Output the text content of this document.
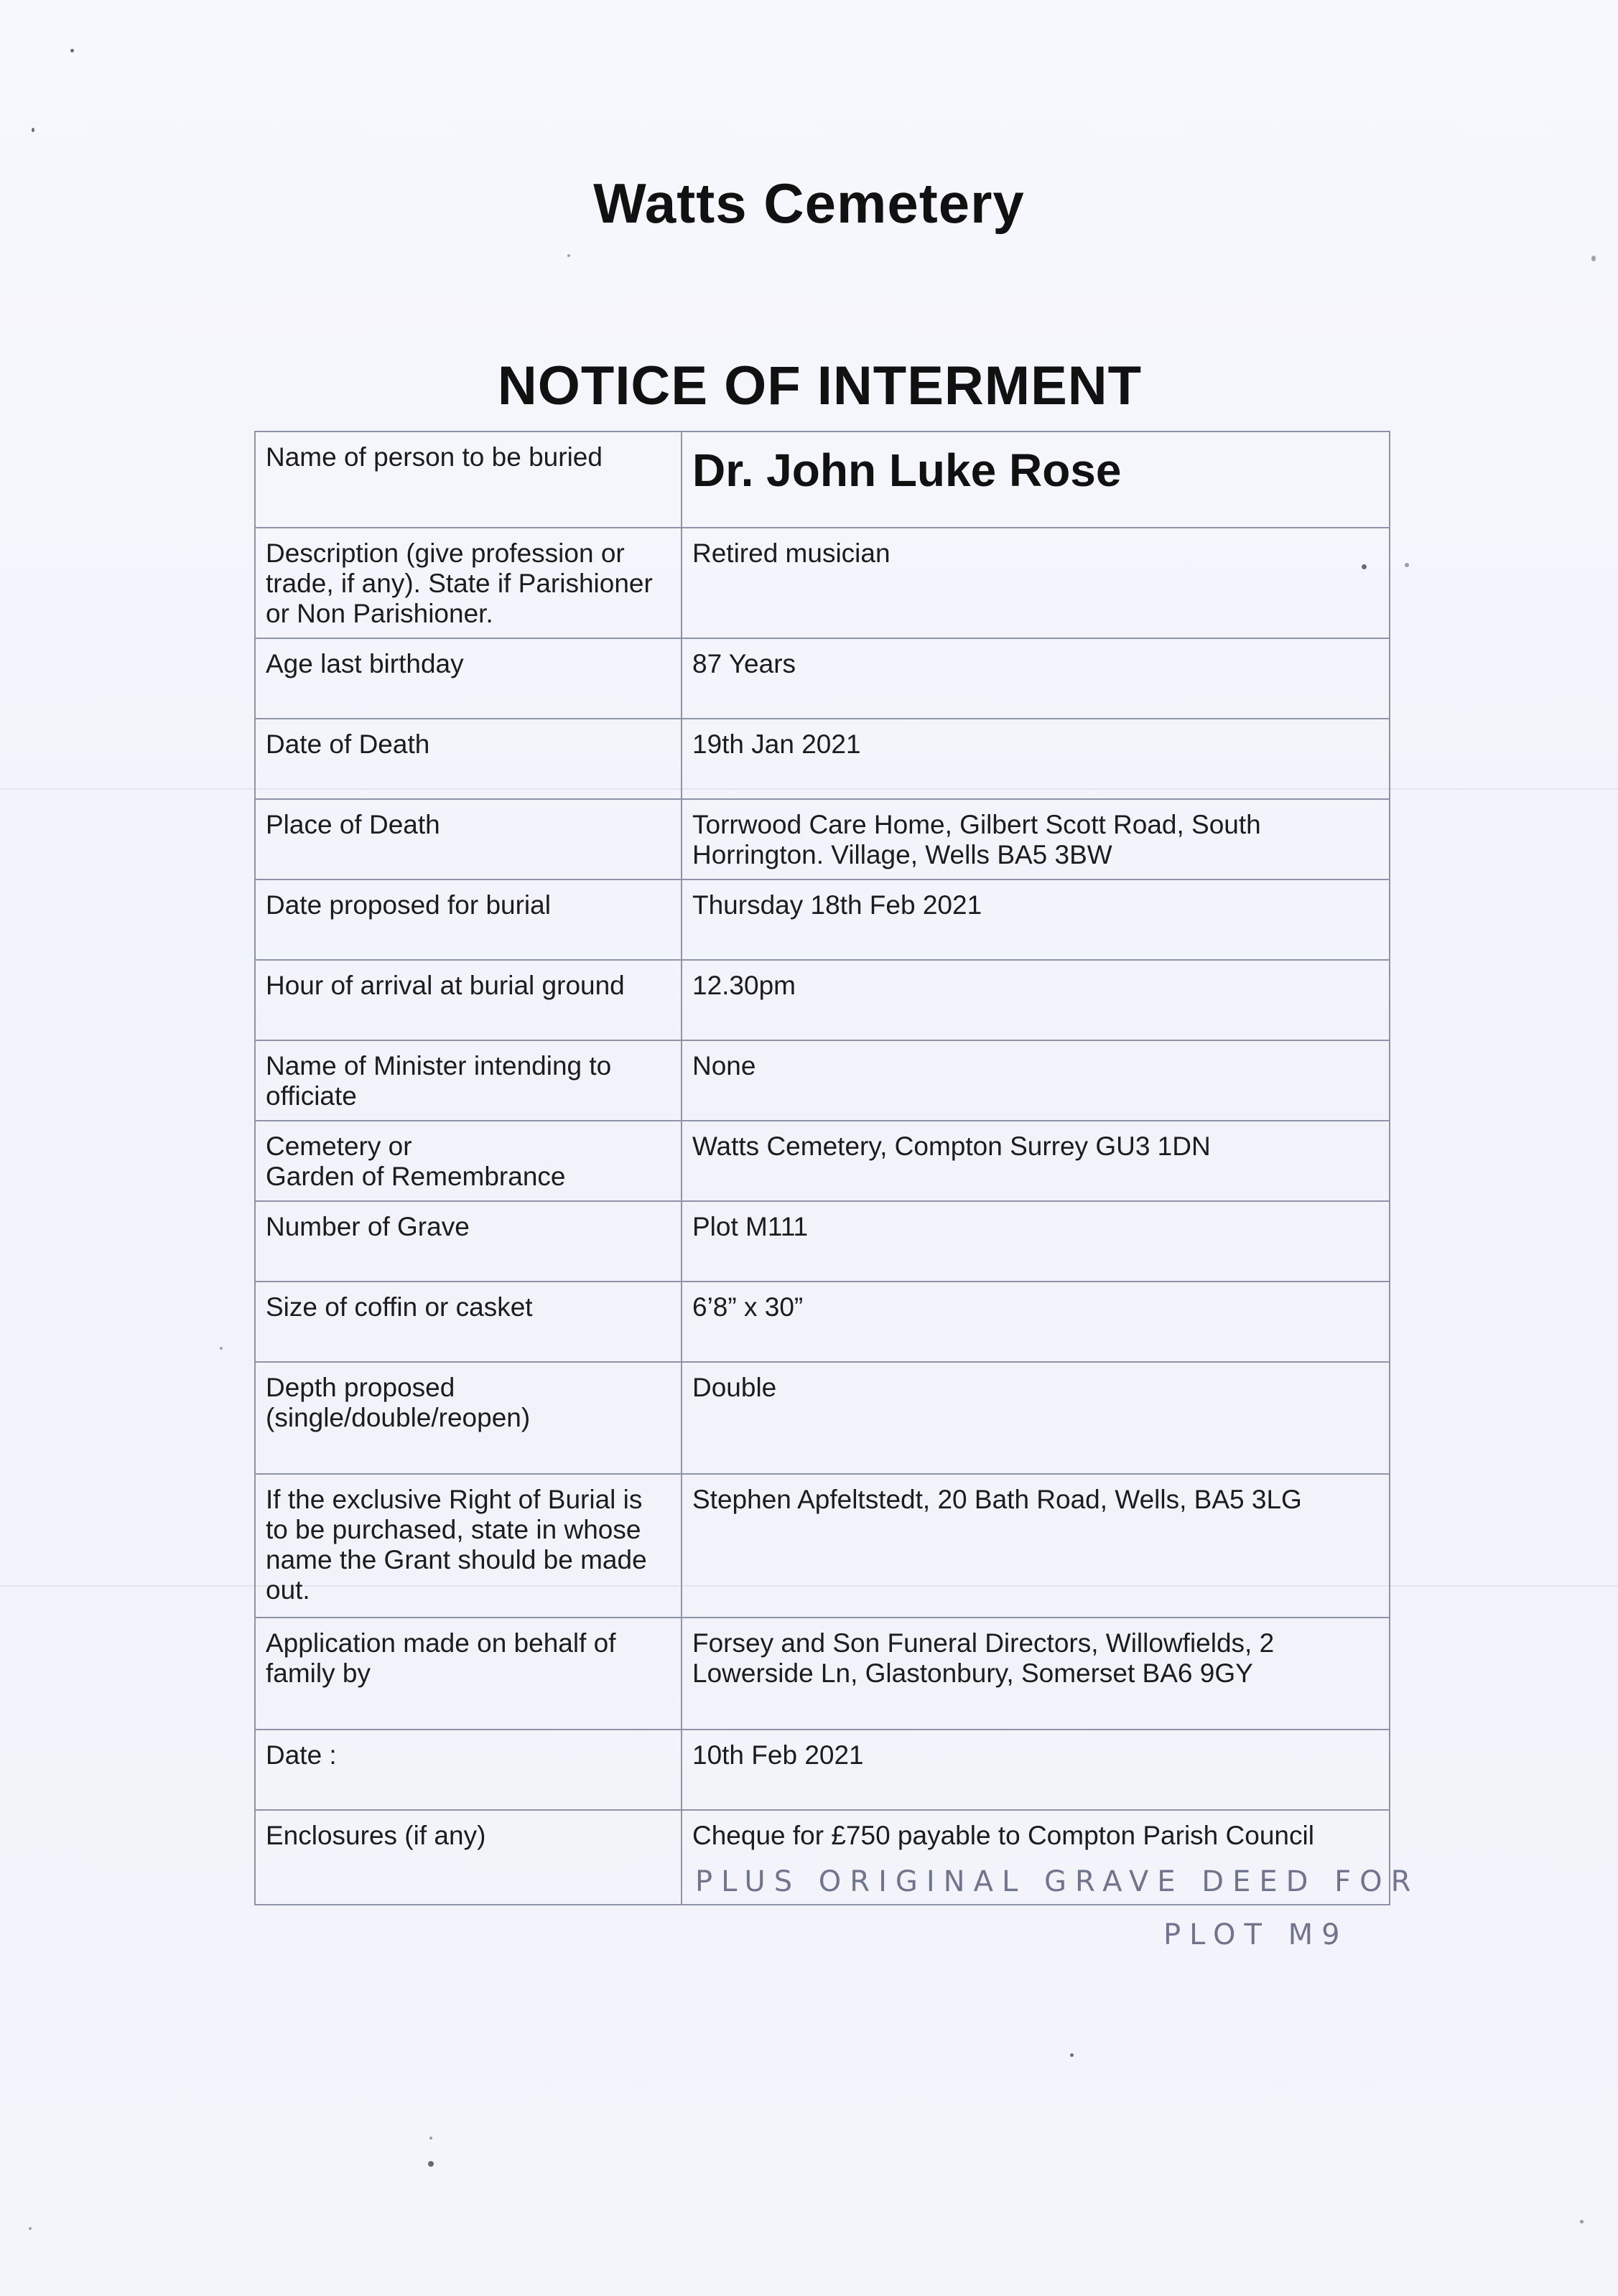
Watts Cemetery
NOTICE OF INTERMENT
Name of person to be buried	Dr. John Luke Rose

Description (give profession or trade, if any). State if Parishioner or Non Parishioner.	Retired musician

Age last birthday	87 Years

Date of Death	19th Jan 2021

Place of Death	Torrwood Care Home, Gilbert Scott Road, South
Horrington. Village, Wells BA5 3BW

Date proposed for burial	Thursday 18th Feb 2021

Hour of arrival at burial ground	12.30pm

Name of Minister intending to officiate	None

Cemetery or
Garden of Remembrance	Watts Cemetery, Compton Surrey GU3 1DN

Number of Grave	Plot M111

Size of coffin or casket	6’8” x 30”

Depth proposed
(single/double/reopen)	Double

If the exclusive Right of Burial is to be purchased, state in whose name the Grant should be made out.	Stephen Apfeltstedt, 20 Bath Road, Wells, BA5 3LG

Application made on behalf of family by	Forsey and Son Funeral Directors, Willowfields, 2
Lowerside Ln, Glastonbury, Somerset BA6 9GY

Date :	10th Feb 2021

Enclosures (if any)	Cheque for £750 payable to Compton Parish Council
PLUS ORIGINAL GRAVE DEED FOR
PLOT M9
